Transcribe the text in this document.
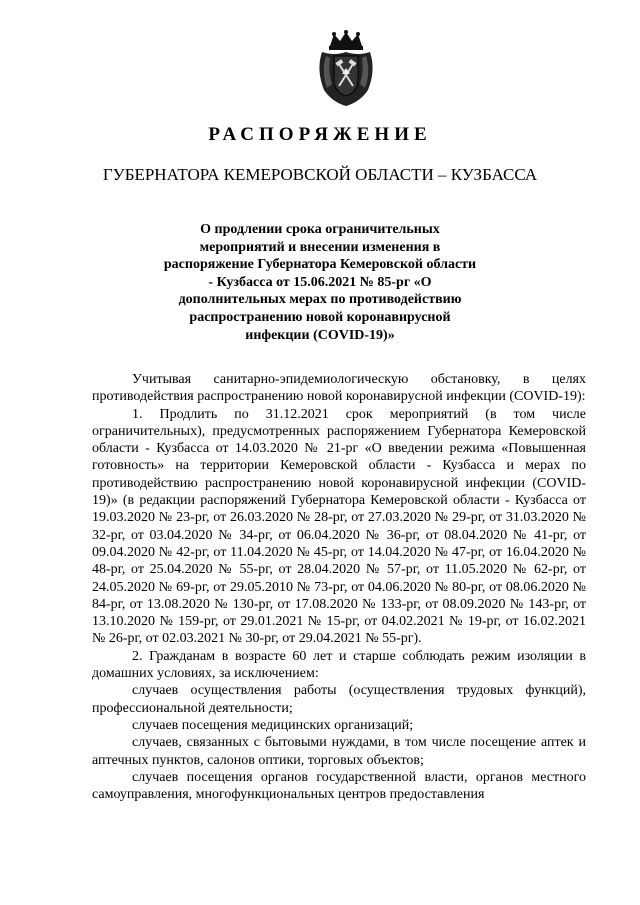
РАСПОРЯЖЕНИЕ
ГУБЕРНАТОРА КЕМЕРОВСКОЙ ОБЛАСТИ – КУЗБАССА
О продлении срока ограничительных мероприятий и внесении изменения в распоряжение Губернатора Кемеровской области - Кузбасса от 15.06.2021 № 85-рг «О дополнительных мерах по противодействию распространению новой коронавирусной инфекции (COVID-19)»

Учитывая санитарно-эпидемиологическую обстановку, в целях противодействия распространению новой коронавирусной инфекции (COVID-19):

1. Продлить по 31.12.2021 срок мероприятий (в том числе ограничительных), предусмотренных распоряжением Губернатора Кемеровской области - Кузбасса от 14.03.2020 № 21-рг «О введении режима «Повышенная готовность» на территории Кемеровской области - Кузбасса и мерах по противодействию распространению новой коронавирусной инфекции (COVID-19)» (в редакции распоряжений Губернатора Кемеровской области - Кузбасса от 19.03.2020 № 23-рг, от 26.03.2020 № 28-рг, от 27.03.2020 № 29-рг, от 31.03.2020 № 32-рг, от 03.04.2020 № 34-рг, от 06.04.2020 № 36-рг, от 08.04.2020 № 41-рг, от 09.04.2020 № 42-рг, от 11.04.2020 № 45-рг, от 14.04.2020 № 47-рг, от 16.04.2020 № 48-рг, от 25.04.2020 № 55-рг, от 28.04.2020 № 57-рг, от 11.05.2020 № 62-рг, от 24.05.2020 № 69-рг, от 29.05.2010 № 73-рг, от 04.06.2020 № 80-рг, от 08.06.2020 № 84-рг, от 13.08.2020 № 130-рг, от 17.08.2020 № 133-рг, от 08.09.2020 № 143-рг, от 13.10.2020 № 159-рг, от 29.01.2021 № 15-рг, от 04.02.2021 № 19-рг, от 16.02.2021 № 26-рг, от 02.03.2021 № 30-рг, от 29.04.2021 № 55-рг).

2. Гражданам в возрасте 60 лет и старше соблюдать режим изоляции в домашних условиях, за исключением:

случаев осуществления работы (осуществления трудовых функций), профессиональной деятельности;

случаев посещения медицинских организаций;

случаев, связанных с бытовыми нуждами, в том числе посещение аптек и аптечных пунктов, салонов оптики, торговых объектов;

случаев посещения органов государственной власти, органов местного самоуправления, многофункциональных центров предоставления
